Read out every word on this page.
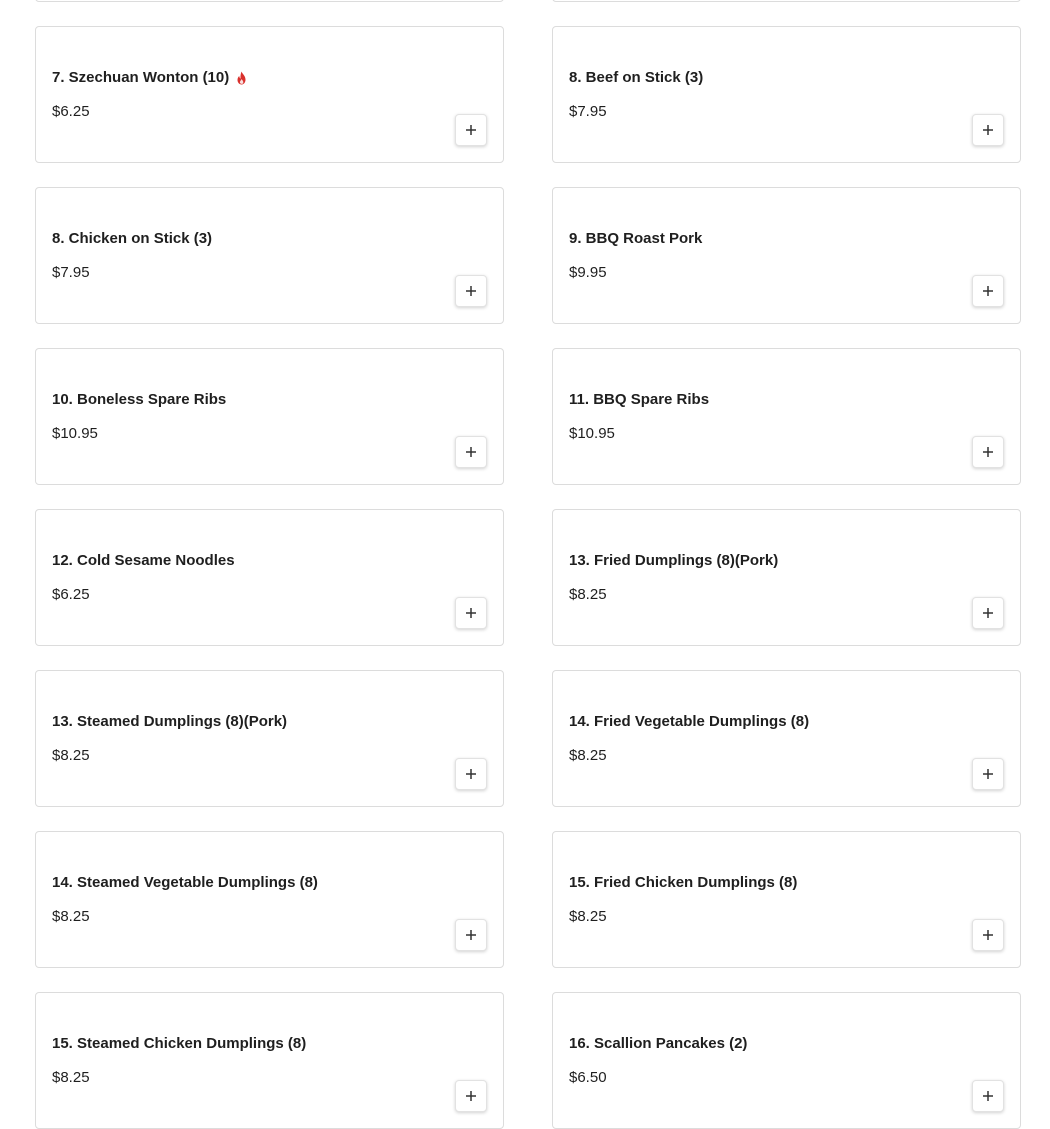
7. Szechuan Wonton (10)
$6.25
8. Beef on Stick (3)
$7.95
8. Chicken on Stick (3)
$7.95
9. BBQ Roast Pork
$9.95
10. Boneless Spare Ribs
$10.95
11. BBQ Spare Ribs
$10.95
12. Cold Sesame Noodles
$6.25
13. Fried Dumplings (8)(Pork)
$8.25
13. Steamed Dumplings (8)(Pork)
$8.25
14. Fried Vegetable Dumplings (8)
$8.25
14. Steamed Vegetable Dumplings (8)
$8.25
15. Fried Chicken Dumplings (8)
$8.25
15. Steamed Chicken Dumplings (8)
$8.25
16. Scallion Pancakes (2)
$6.50
